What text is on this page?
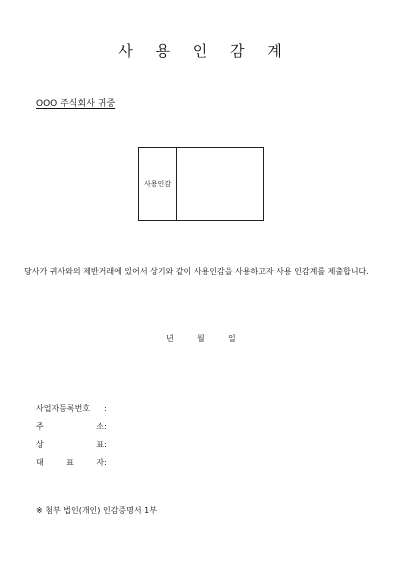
사 용 인 감 계
OOO 주식회사 귀중
사용인감
당사가 귀사와의 제반거래에 있어서 상기와 같이 사용인감을 사용하고자 사용 인감계를 제출합니다.
년	월	일
사업자등록번호	:
주	소 :
상	표 :
대	표	자 :
※ 첨부 법인(개인) 인감증명서 1부
